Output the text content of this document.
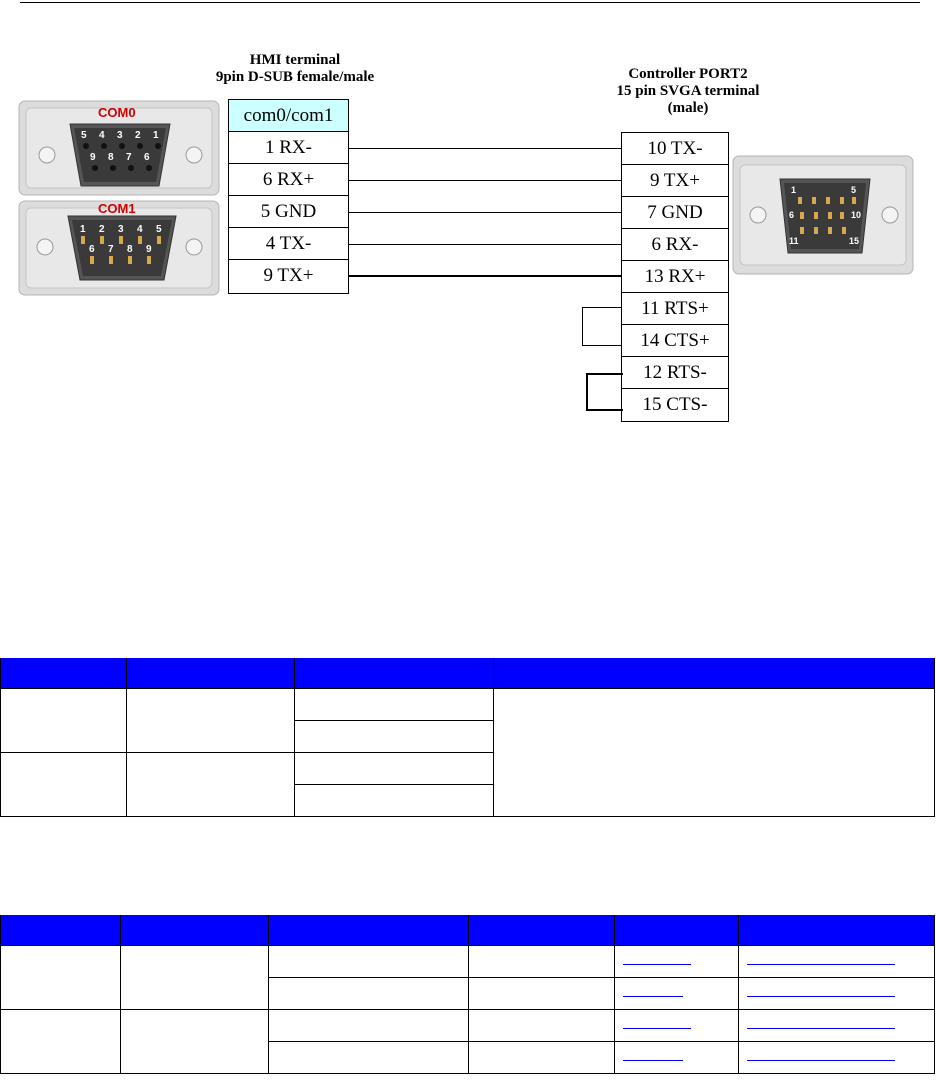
HMI terminal
9pin D-SUB female/male	Controller PORT2
15 pin SVGA terminal
(male)
COM0
5 4 3 2 1
9 8 7 6
COM1
1 2 3 4 5
6 7 8 9
1	5
6	10
11	15
com0/com1
1 RX-
6 RX+
5 GND
4 TX-
9 TX+
10 TX-
9 TX+
7 GND
6 RX-
13 RX+
11 RTS+
14 CTS+
12 RTS-
15 CTS-
